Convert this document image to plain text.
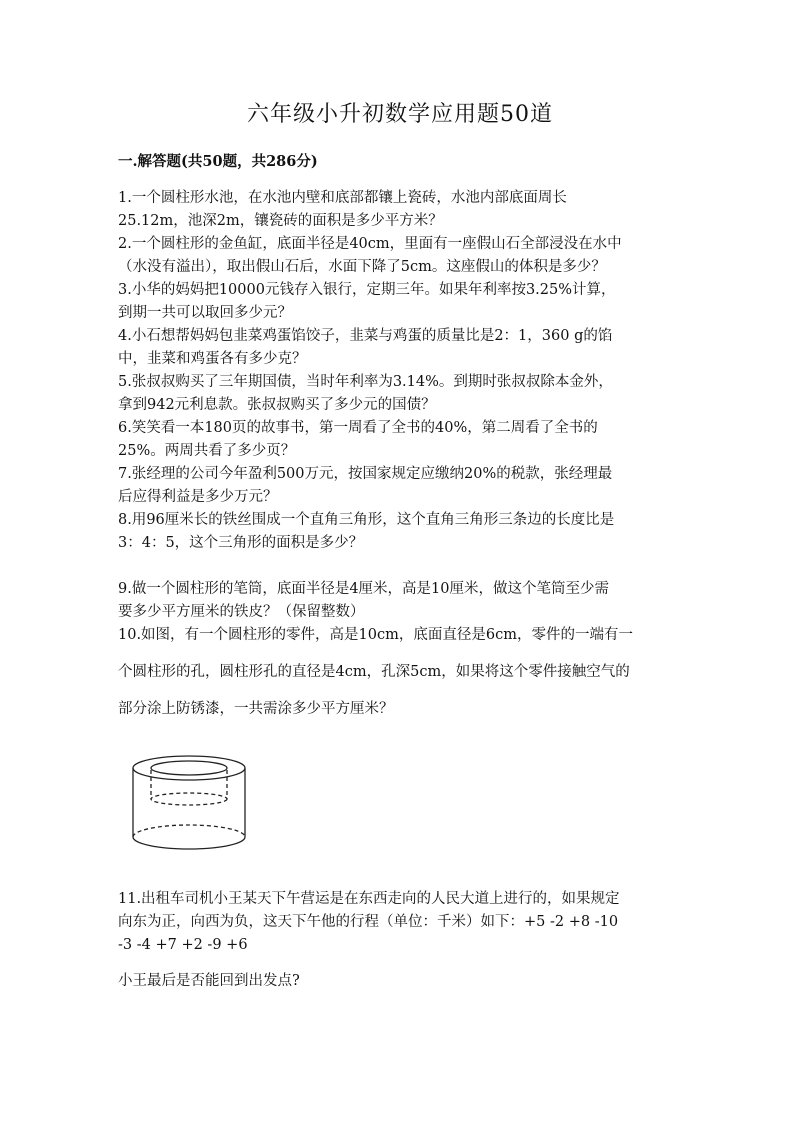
六年级小升初数学应用题50道
一.解答题(共50题，共286分)
1.一个圆柱形水池，在水池内壁和底部都镶上瓷砖，水池内部底面周长
25.12m，池深2m，镶瓷砖的面积是多少平方米？
2.一个圆柱形的金鱼缸，底面半径是40cm，里面有一座假山石全部浸没在水中
（水没有溢出），取出假山石后，水面下降了5cm。这座假山的体积是多少？
3.小华的妈妈把10000元钱存入银行，定期三年。如果年利率按3.25%计算，
到期一共可以取回多少元？
4.小石想帮妈妈包韭菜鸡蛋馅饺子，韭菜与鸡蛋的质量比是2：1，360 g的馅
中，韭菜和鸡蛋各有多少克？
5.张叔叔购买了三年期国债，当时年利率为3.14%。到期时张叔叔除本金外，
拿到942元利息款。张叔叔购买了多少元的国债？
6.笑笑看一本180页的故事书，第一周看了全书的40%，第二周看了全书的
25%。两周共看了多少页？
7.张经理的公司今年盈利500万元，按国家规定应缴纳20%的税款，张经理最
后应得利益是多少万元？
8.用96厘米长的铁丝围成一个直角三角形，这个直角三角形三条边的长度比是
3：4：5，这个三角形的面积是多少？
9.做一个圆柱形的笔筒，底面半径是4厘米，高是10厘米，做这个笔筒至少需
要多少平方厘米的铁皮？（保留整数）
10.如图，有一个圆柱形的零件，高是10cm，底面直径是6cm，零件的一端有一
个圆柱形的孔，圆柱形孔的直径是4cm，孔深5cm，如果将这个零件接触空气的
部分涂上防锈漆，一共需涂多少平方厘米？
11.出租车司机小王某天下午营运是在东西走向的人民大道上进行的，如果规定
向东为正，向西为负，这天下午他的行程（单位：千米）如下：+5 -2 +8 -10
-3 -4 +7 +2 -9 +6
小王最后是否能回到出发点?
